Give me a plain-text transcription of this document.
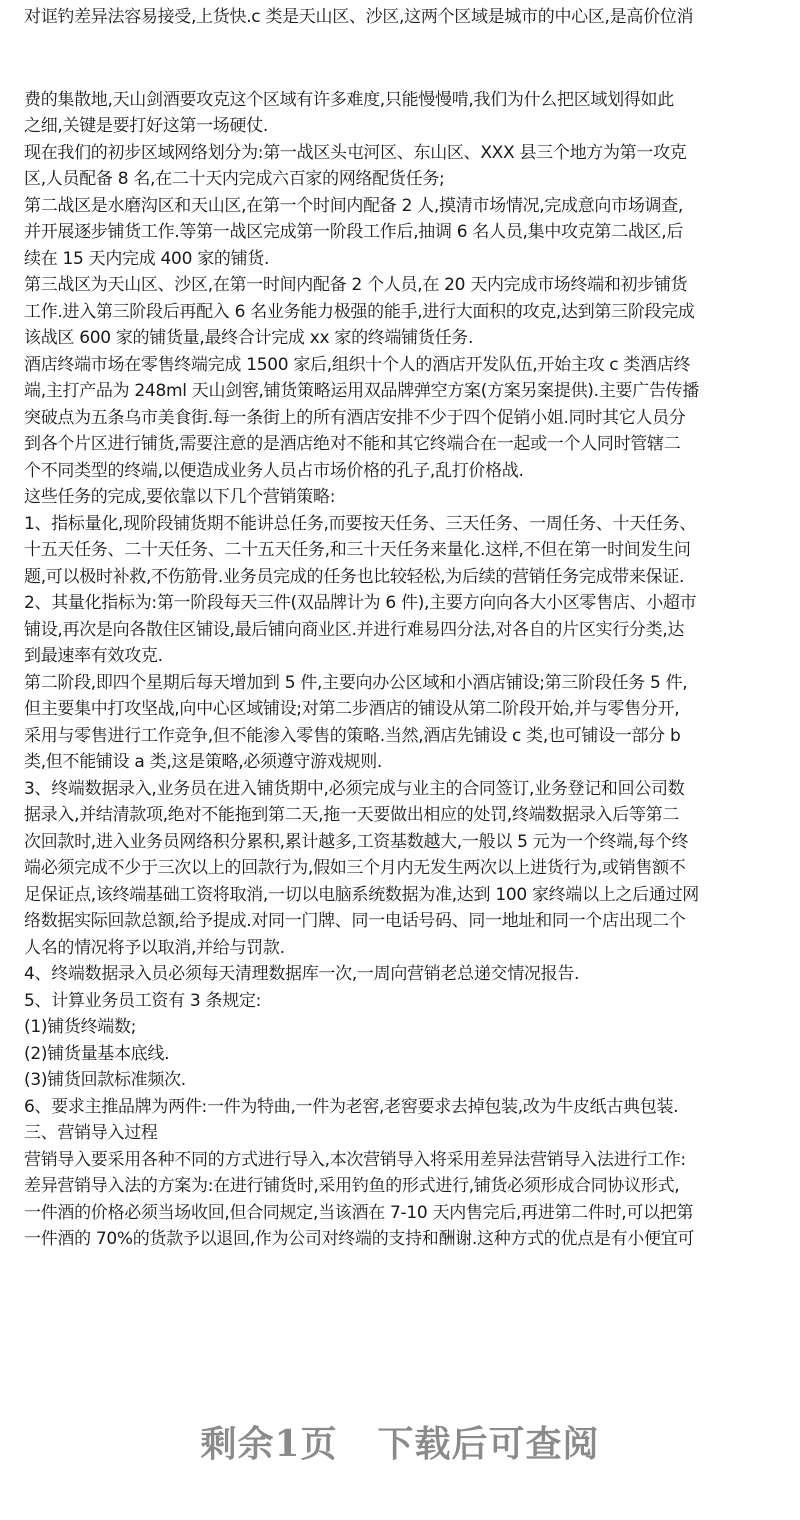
对诓钓差异法容易接受,上货快.c 类是天山区、沙区,这两个区域是城市的中心区,是高价位消
费的集散地,天山剑酒要攻克这个区域有许多难度,只能慢慢啃,我们为什么把区域划得如此
之细,关键是要打好这第一场硬仗.
现在我们的初步区域网络划分为:第一战区头屯河区、东山区、XXX 县三个地方为第一攻克
区,人员配备 8 名,在二十天内完成六百家的网络配货任务;
第二战区是水磨沟区和天山区,在第一个时间内配备 2 人,摸清市场情况,完成意向市场调查,
并开展逐步铺货工作.等第一战区完成第一阶段工作后,抽调 6 名人员,集中攻克第二战区,后
续在 15 天内完成 400 家的铺货.
第三战区为天山区、沙区,在第一时间内配备 2 个人员,在 20 天内完成市场终端和初步铺货
工作.进入第三阶段后再配入 6 名业务能力极强的能手,进行大面积的攻克,达到第三阶段完成
该战区 600 家的铺货量,最终合计完成 xx 家的终端铺货任务.
酒店终端市场在零售终端完成 1500 家后,组织十个人的酒店开发队伍,开始主攻 c 类酒店终
端,主打产品为 248ml 天山剑窖,铺货策略运用双品牌弹空方案(方案另案提供).主要广告传播
突破点为五条乌市美食街.每一条街上的所有酒店安排不少于四个促销小姐.同时其它人员分
到各个片区进行铺货,需要注意的是酒店绝对不能和其它终端合在一起或一个人同时管辖二
个不同类型的终端,以便造成业务人员占市场价格的孔子,乱打价格战.
这些任务的完成,要依靠以下几个营销策略:
1、指标量化,现阶段铺货期不能讲总任务,而要按天任务、三天任务、一周任务、十天任务、
十五天任务、二十天任务、二十五天任务,和三十天任务来量化.这样,不但在第一时间发生问
题,可以极时补救,不伤筋骨.业务员完成的任务也比较轻松,为后续的营销任务完成带来保证.
2、其量化指标为:第一阶段每天三件(双品牌计为 6 件),主要方向向各大小区零售店、小超市
铺设,再次是向各散住区铺设,最后铺向商业区.并进行难易四分法,对各自的片区实行分类,达
到最速率有效攻克.
第二阶段,即四个星期后每天增加到 5 件,主要向办公区域和小酒店铺设;第三阶段任务 5 件,
但主要集中打攻坚战,向中心区域铺设;对第二步酒店的铺设从第二阶段开始,并与零售分开,
采用与零售进行工作竞争,但不能渗入零售的策略.当然,酒店先铺设 c 类,也可铺设一部分 b
类,但不能铺设 a 类,这是策略,必须遵守游戏规则.
3、终端数据录入,业务员在进入铺货期中,必须完成与业主的合同签订,业务登记和回公司数
据录入,并结清款项,绝对不能拖到第二天,拖一天要做出相应的处罚,终端数据录入后等第二
次回款时,进入业务员网络积分累积,累计越多,工资基数越大,一般以 5 元为一个终端,每个终
端必须完成不少于三次以上的回款行为,假如三个月内无发生两次以上进货行为,或销售额不
足保证点,该终端基础工资将取消,一切以电脑系统数据为准,达到 100 家终端以上之后通过网
络数据实际回款总额,给予提成.对同一门牌、同一电话号码、同一地址和同一个店出现二个
人名的情况将予以取消,并给与罚款.
4、终端数据录入员必须每天清理数据库一次,一周向营销老总递交情况报告.
5、计算业务员工资有 3 条规定:
(1)铺货终端数;
(2)铺货量基本底线.
(3)铺货回款标准频次.
6、要求主推品牌为两件:一件为特曲,一件为老窖,老窖要求去掉包装,改为牛皮纸古典包装.
三、营销导入过程
营销导入要采用各种不同的方式进行导入,本次营销导入将采用差异法营销导入法进行工作:
差异营销导入法的方案为:在进行铺货时,采用钓鱼的形式进行,铺货必须形成合同协议形式,
一件酒的价格必须当场收回,但合同规定,当该酒在 7-10 天内售完后,再进第二件时,可以把第
一件酒的 70%的货款予以退回,作为公司对终端的支持和酬谢.这种方式的优点是有小便宜可
剩余1页 下载后可查阅
